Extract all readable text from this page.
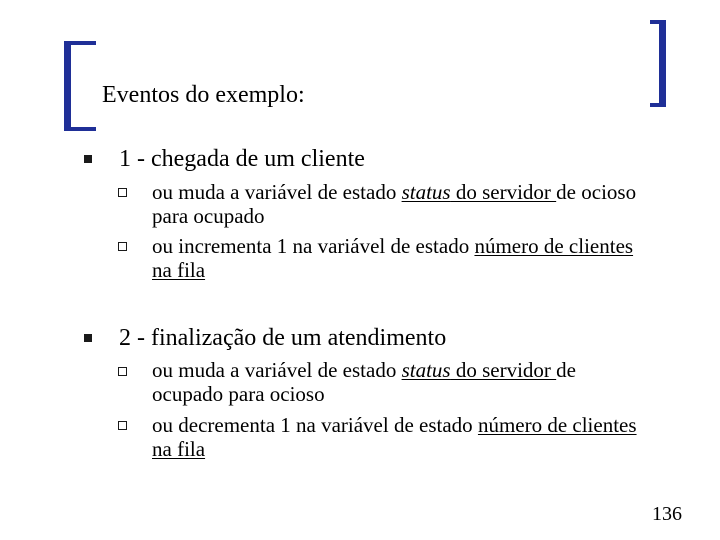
Eventos do exemplo:
1 - chegada de um cliente
ou muda a variável de estado status do servidor de ocioso para ocupado
ou incrementa 1 na variável de estado número de clientes na fila
2 - finalização de um atendimento
ou muda a variável de estado status do servidor de ocupado para ocioso
ou decrementa 1 na variável de estado número de clientes na fila
136
